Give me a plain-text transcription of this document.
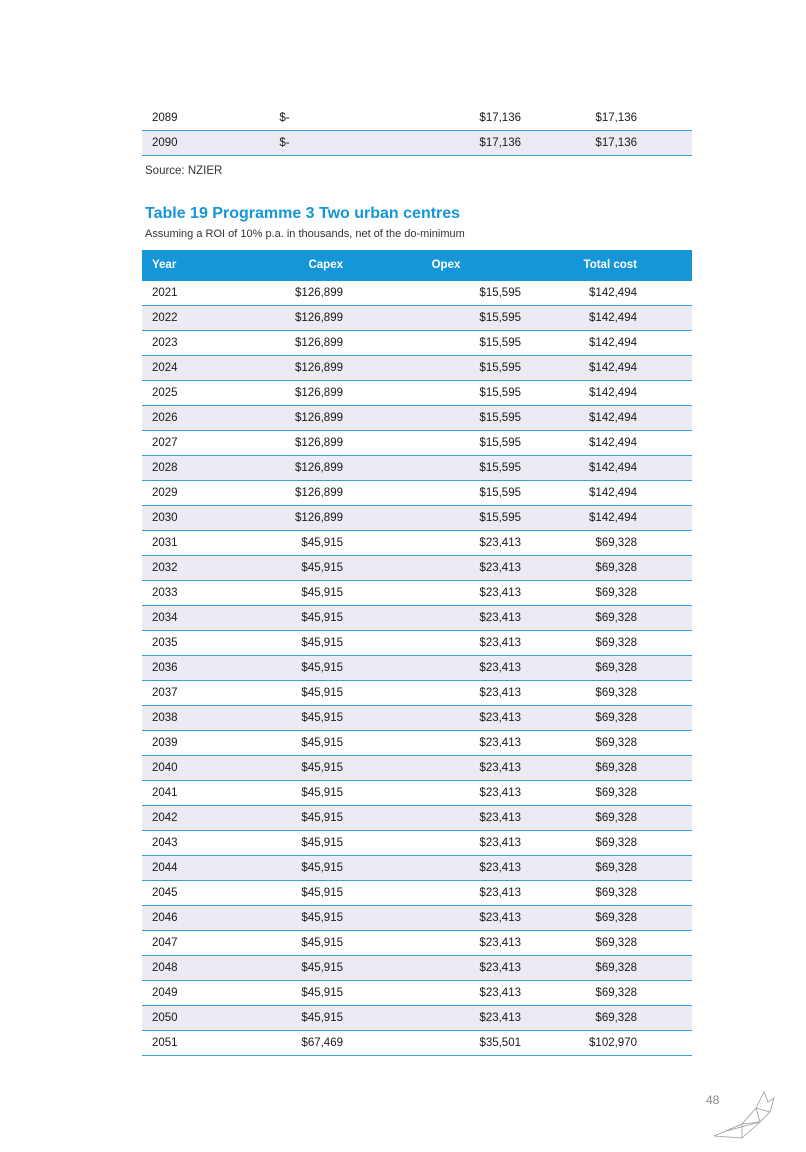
2089	$-	$17,136	$17,136
2090	$-	$17,136	$17,136
Source: NZIER
Table 19 Programme 3 Two urban centres
Assuming a ROI of 10% p.a. in thousands, net of the do-minimum
Year	Capex	Opex	Total cost
2021	$126,899	$15,595	$142,494
2022	$126,899	$15,595	$142,494
2023	$126,899	$15,595	$142,494
2024	$126,899	$15,595	$142,494
2025	$126,899	$15,595	$142,494
2026	$126,899	$15,595	$142,494
2027	$126,899	$15,595	$142,494
2028	$126,899	$15,595	$142,494
2029	$126,899	$15,595	$142,494
2030	$126,899	$15,595	$142,494
2031	$45,915	$23,413	$69,328
2032	$45,915	$23,413	$69,328
2033	$45,915	$23,413	$69,328
2034	$45,915	$23,413	$69,328
2035	$45,915	$23,413	$69,328
2036	$45,915	$23,413	$69,328
2037	$45,915	$23,413	$69,328
2038	$45,915	$23,413	$69,328
2039	$45,915	$23,413	$69,328
2040	$45,915	$23,413	$69,328
2041	$45,915	$23,413	$69,328
2042	$45,915	$23,413	$69,328
2043	$45,915	$23,413	$69,328
2044	$45,915	$23,413	$69,328
2045	$45,915	$23,413	$69,328
2046	$45,915	$23,413	$69,328
2047	$45,915	$23,413	$69,328
2048	$45,915	$23,413	$69,328
2049	$45,915	$23,413	$69,328
2050	$45,915	$23,413	$69,328
2051	$67,469	$35,501	$102,970
48
